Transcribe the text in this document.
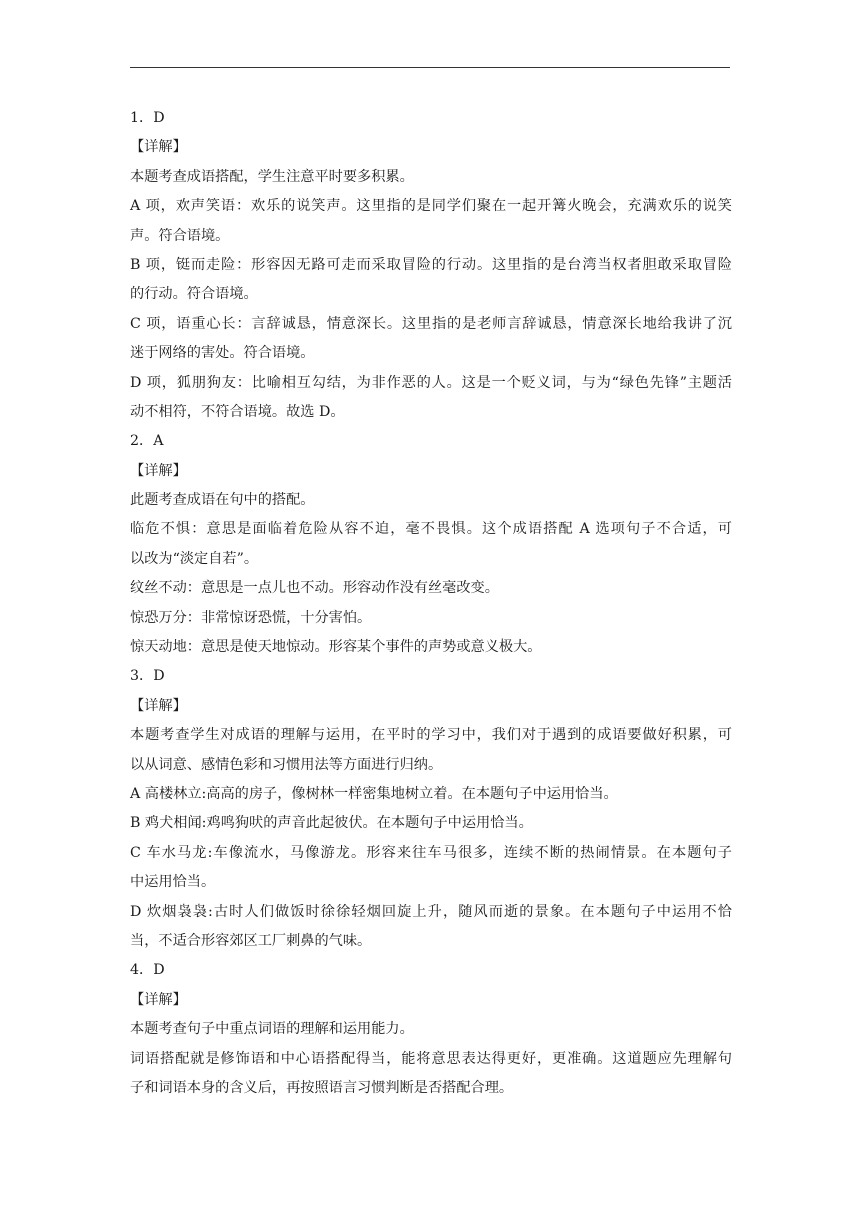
1．D
【详解】
本题考查成语搭配，学生注意平时要多积累。
A 项，欢声笑语：欢乐的说笑声。这里指的是同学们聚在一起开篝火晚会，充满欢乐的说笑
声。符合语境。
B 项，铤而走险：形容因无路可走而采取冒险的行动。这里指的是台湾当权者胆敢采取冒险
的行动。符合语境。
C 项，语重心长：言辞诚恳，情意深长。这里指的是老师言辞诚恳，情意深长地给我讲了沉
迷于网络的害处。符合语境。
D 项，狐朋狗友：比喻相互勾结，为非作恶的人。这是一个贬义词，与为“绿色先锋”主题活
动不相符，不符合语境。故选 D。
2．A
【详解】
此题考查成语在句中的搭配。
临危不惧：意思是面临着危险从容不迫，毫不畏惧。这个成语搭配 A 选项句子不合适，可
以改为“淡定自若”。
纹丝不动：意思是一点儿也不动。形容动作没有丝毫改变。
惊恐万分：非常惊讶恐慌，十分害怕。
惊天动地：意思是使天地惊动。形容某个事件的声势或意义极大。
3．D
【详解】
本题考查学生对成语的理解与运用，在平时的学习中，我们对于遇到的成语要做好积累，可
以从词意、感情色彩和习惯用法等方面进行归纳。
A 高楼林立:高高的房子，像树林一样密集地树立着。在本题句子中运用恰当。
B 鸡犬相闻:鸡鸣狗吠的声音此起彼伏。在本题句子中运用恰当。
C 车水马龙:车像流水，马像游龙。形容来往车马很多，连续不断的热闹情景。在本题句子
中运用恰当。
D 炊烟袅袅:古时人们做饭时徐徐轻烟回旋上升，随风而逝的景象。在本题句子中运用不恰
当，不适合形容郊区工厂刺鼻的气味。
4．D
【详解】
本题考查句子中重点词语的理解和运用能力。
词语搭配就是修饰语和中心语搭配得当，能将意思表达得更好，更准确。这道题应先理解句
子和词语本身的含义后，再按照语言习惯判断是否搭配合理。
